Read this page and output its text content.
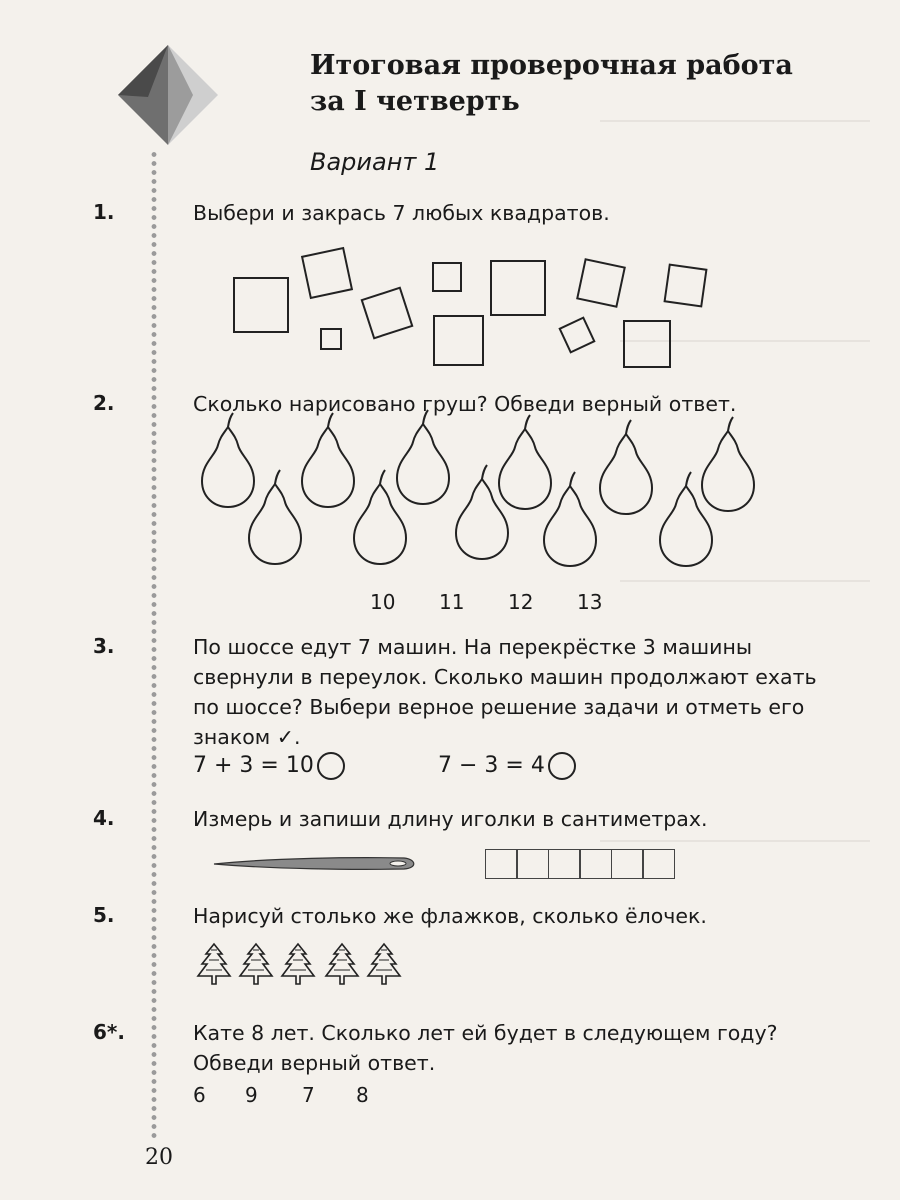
Итоговая проверочная работа
за I четверть
Вариант 1
1.	Выбери и закрась 7 любых квадратов.
2.	Сколько нарисовано груш? Обведи верный ответ.
10 11 12 13
3.	По шоссе едут 7 машин. На перекрёстке 3 машины
свернули в переулок. Сколько машин продолжают ехать
по шоссе? Выбери верное решение задачи и отметь его
знаком ✓.
7 + 3 = 10	7 − 3 = 4
4.	Измерь и запиши длину иголки в сантиметрах.
5.	Нарисуй столько же флажков, сколько ёлочек.
6*.	Кате 8 лет. Сколько лет ей будет в следующем году?
Обведи верный ответ.
6 9 7 8
20
